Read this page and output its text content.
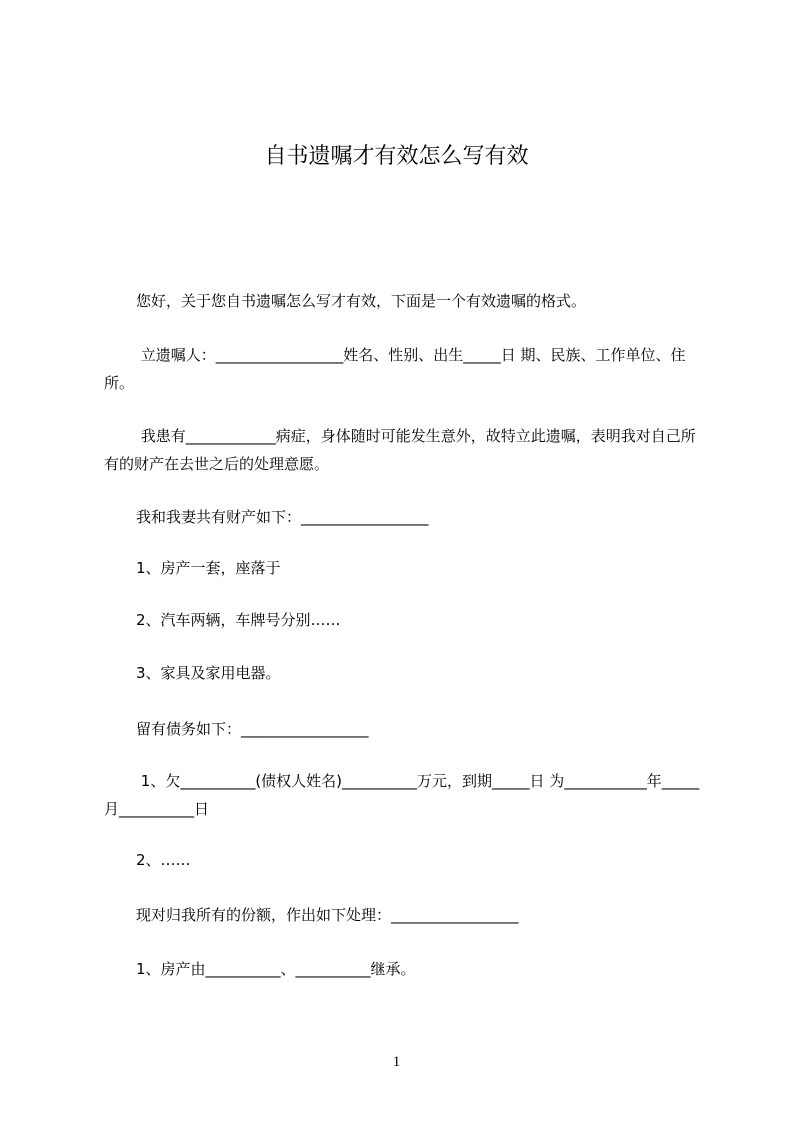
自书遗嘱才有效怎么写有效

您好，关于您自书遗嘱怎么写才有效，下面是一个有效遗嘱的格式。

立遗嘱人：_________________姓名、性别、出生_____日 期、民族、工作单位、住所。

我患有____________病症，身体随时可能发生意外，故特立此遗嘱，表明我对自己所有的财产在去世之后的处理意愿。

我和我妻共有财产如下：_________________

1、房产一套，座落于

2、汽车两辆，车牌号分别……

3、家具及家用电器。

留有债务如下：_________________

1、欠__________(债权人姓名)__________万元，到期_____日 为___________年_____月__________日

2、……

现对归我所有的份额，作出如下处理：_________________

1、房产由__________、__________继承。

1
